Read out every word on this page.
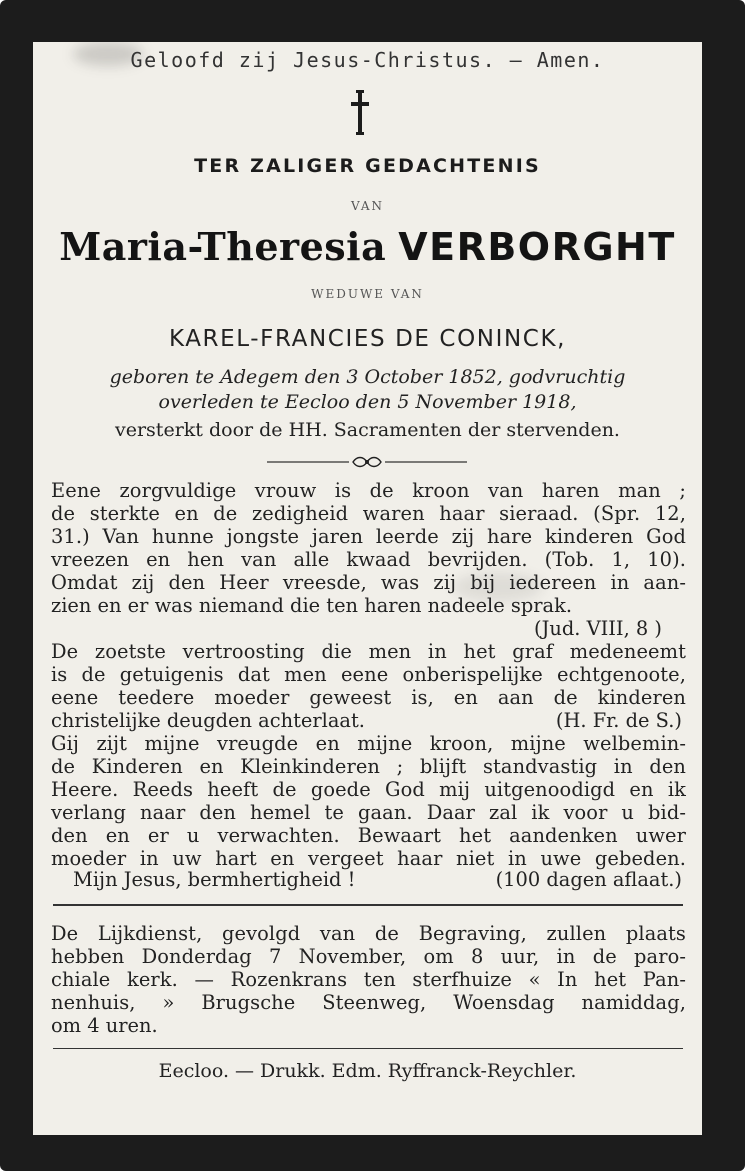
Geloofd zij Jesus-Christus. — Amen.
TER ZALIGER GEDACHTENIS
VAN
Maria-Theresia VERBORGHT
WEDUWE VAN
KAREL-FRANCIES DE CONINCK,
geboren te Adegem den 3 October 1852, godvruchtig
overleden te Eecloo den 5 November 1918,
versterkt door de HH. Sacramenten der stervenden.
Eene zorgvuldige vrouw is de kroon van haren man ;
de sterkte en de zedigheid waren haar sieraad. (Spr. 12,
31.) Van hunne jongste jaren leerde zij hare kinderen God
vreezen en hen van alle kwaad bevrijden. (Tob. 1, 10).
Omdat zij den Heer vreesde, was zij bij iedereen in aan-
zien en er was niemand die ten haren nadeele sprak.
(Jud. VIII, 8 )
De zoetste vertroosting die men in het graf medeneemt
is de getuigenis dat men eene onberispelijke echtgenoote,
eene teedere moeder geweest is, en aan de kinderen
christelijke deugden achterlaat.	(H. Fr. de S.)
Gij zijt mijne vreugde en mijne kroon, mijne welbemin-
de Kinderen en Kleinkinderen ; blijft standvastig in den
Heere. Reeds heeft de goede God mij uitgenoodigd en ik
verlang naar den hemel te gaan. Daar zal ik voor u bid-
den en er u verwachten. Bewaart het aandenken uwer
moeder in uw hart en vergeet haar niet in uwe gebeden.
Mijn Jesus, bermhertigheid !	(100 dagen aflaat.)
De Lijkdienst, gevolgd van de Begraving, zullen plaats
hebben Donderdag 7 November, om 8 uur, in de paro-
chiale kerk. — Rozenkrans ten sterfhuize « In het Pan-
nenhuis, » Brugsche Steenweg, Woensdag namiddag,
om 4 uren.
Eecloo. — Drukk. Edm. Ryffranck-Reychler.
